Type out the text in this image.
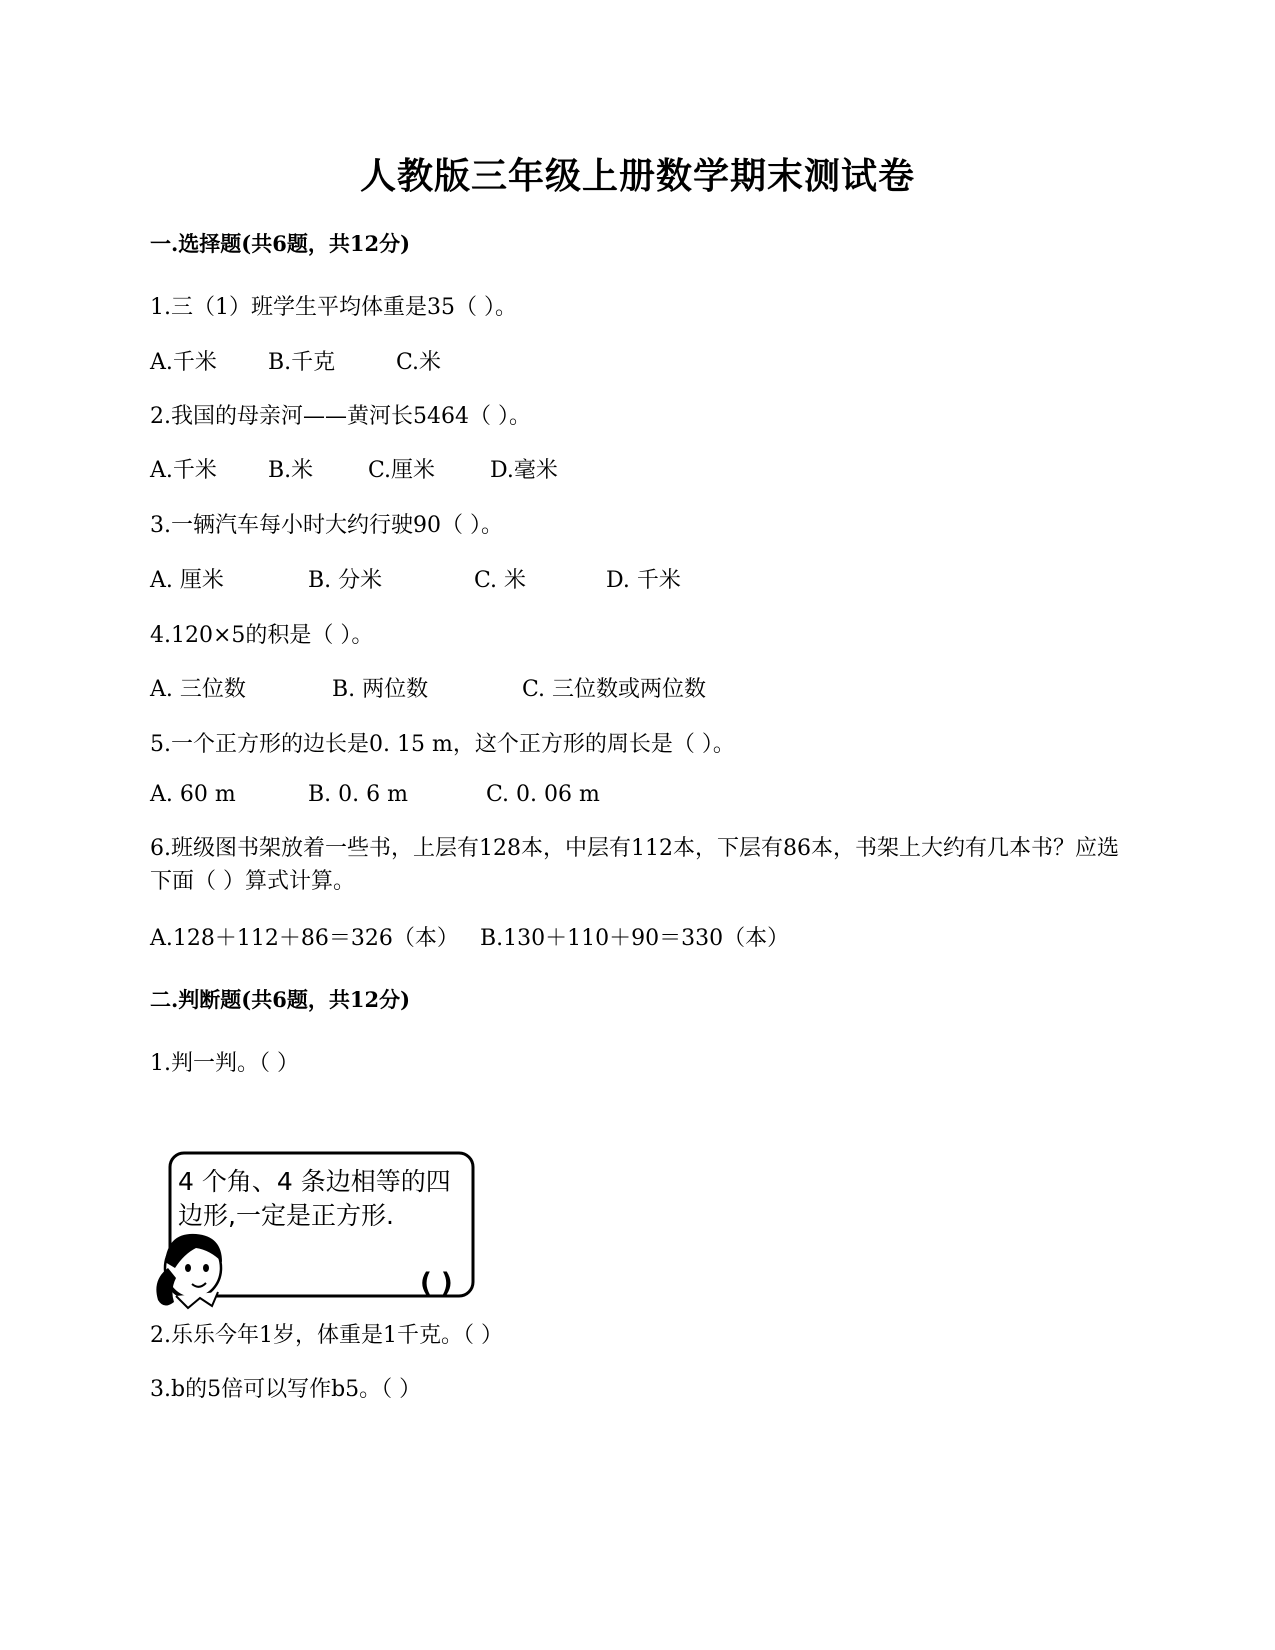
人教版三年级上册数学期末测试卷
一.选择题(共6题，共12分)
1.三（1）班学生平均体重是35（ ）。
A.千米 B.千克	C.米
2.我国的母亲河——黄河长5464（ ）。
A.千米 B.米 C.厘米 D.毫米
3.一辆汽车每小时大约行驶90（ ）。
A. 厘米	B. 分米	C. 米	D. 千米
4.120×5的积是（ ）。
A. 三位数	B. 两位数	C. 三位数或两位数
5.一个正方形的边长是0. 15 m，这个正方形的周长是（ ）。
A. 60 m	B. 0. 6 m	C. 0. 06 m
6.班级图书架放着一些书，上层有128本，中层有112本，下层有86本，书架上大约有几本书？应选下面（ ）算式计算。
A.128＋112＋86＝326（本） B.130＋110＋90＝330（本）
二.判断题(共6题，共12分)
1.判一判。（ ）
4 个角、4 条边相等的四
边形,一定是正方形.
( )
2.乐乐今年1岁，体重是1千克。（ ）
3.b的5倍可以写作b5。（ ）
